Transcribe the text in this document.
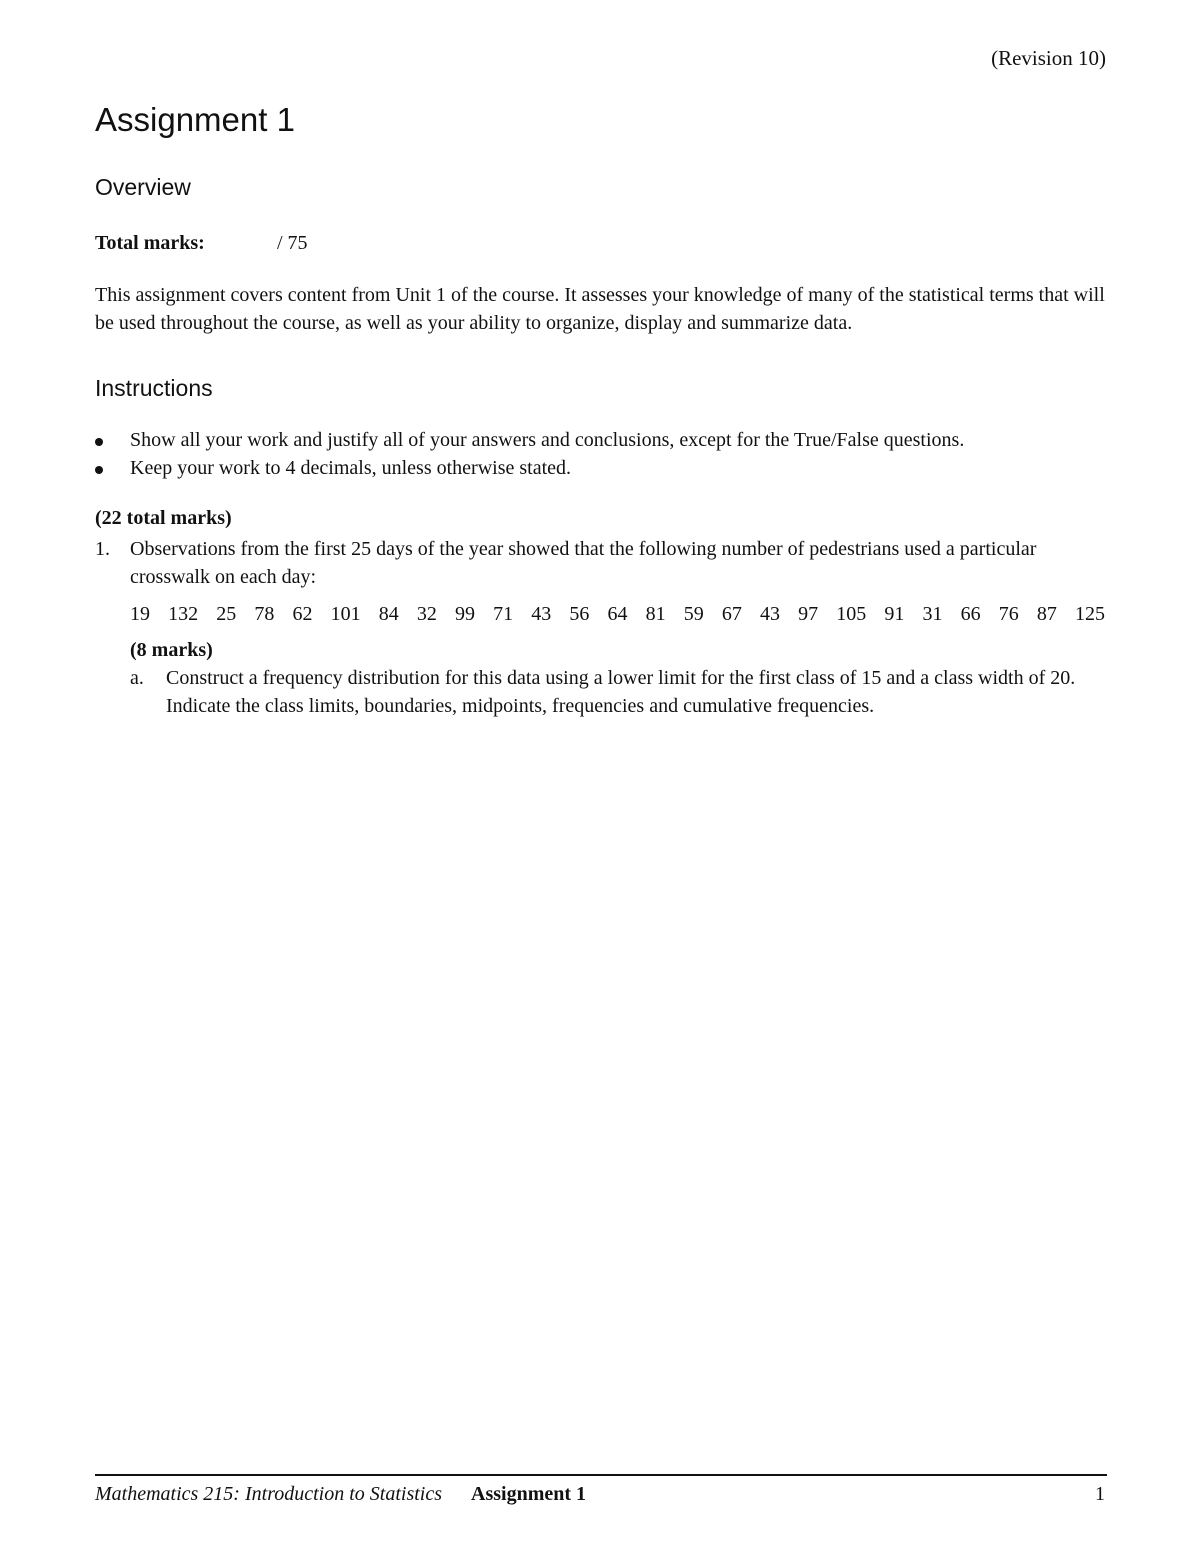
(Revision 10)
Assignment 1
Overview
Total marks:	/ 75
This assignment covers content from Unit 1 of the course. It assesses your knowledge of many of the statistical terms that will be used throughout the course, as well as your ability to organize, display and summarize data.
Instructions
Show all your work and justify all of your answers and conclusions, except for the True/False questions.
Keep your work to 4 decimals, unless otherwise stated.
(22 total marks)
1. Observations from the first 25 days of the year showed that the following number of pedestrians used a particular crosswalk on each day:
19 132 25 78 62 101 84 32 99 71 43 56 64 81 59 67 43 97 105 91 31 66 76 87 125
(8 marks)
a. Construct a frequency distribution for this data using a lower limit for the first class of 15 and a class width of 20. Indicate the class limits, boundaries, midpoints, frequencies and cumulative frequencies.
Mathematics 215: Introduction to Statistics Assignment 1	1
